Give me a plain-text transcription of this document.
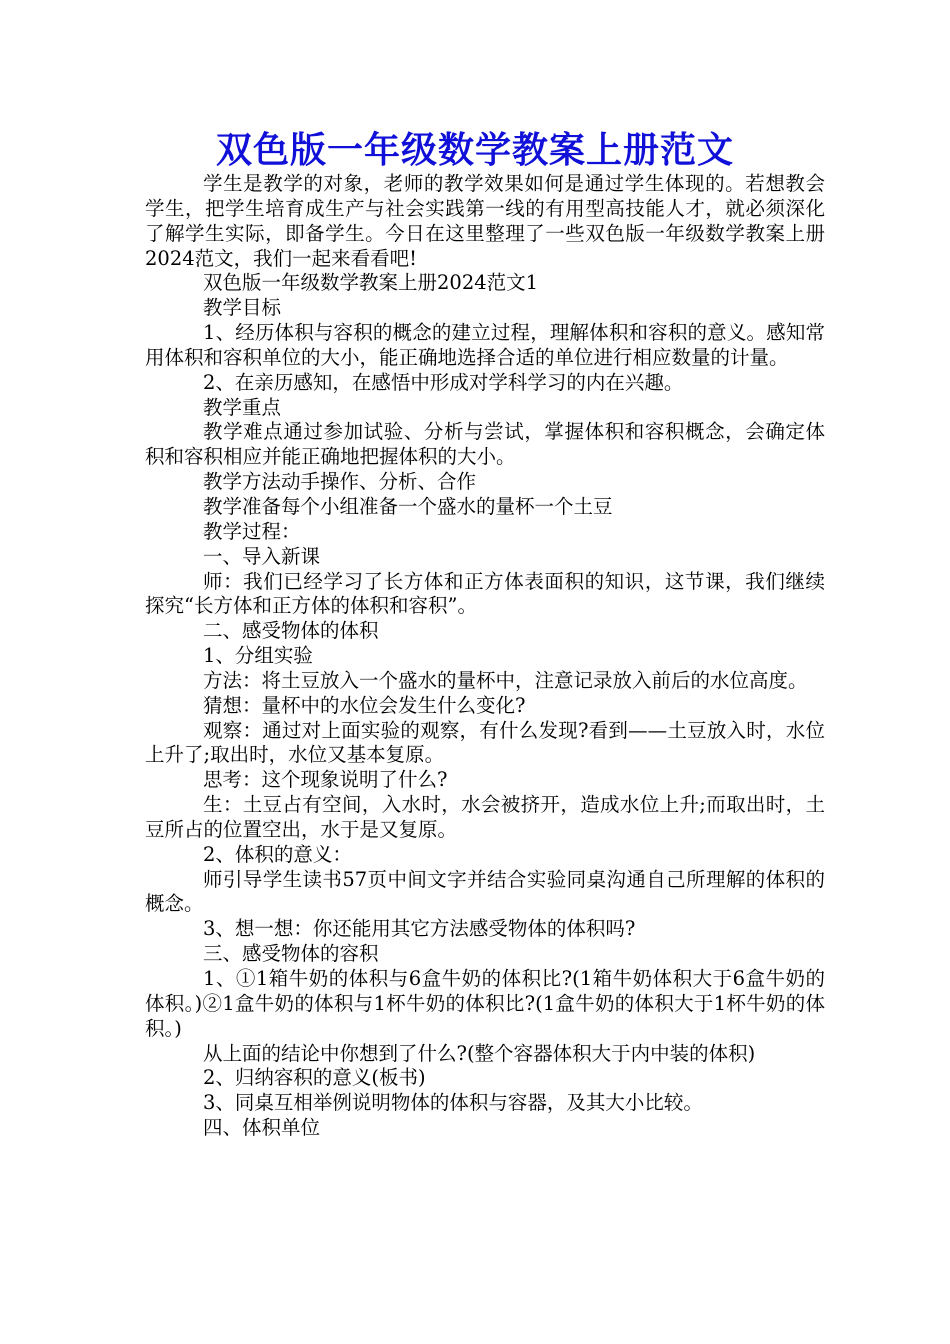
双色版一年级数学教案上册范文

学生是教学的对象，老师的教学效果如何是通过学生体现的。若想教会学生，把学生培育成生产与社会实践第一线的有用型高技能人才，就必须深化了解学生实际，即备学生。今日在这里整理了一些双色版一年级数学教案上册2024范文，我们一起来看看吧!

双色版一年级数学教案上册2024范文1

教学目标

1、经历体积与容积的概念的建立过程，理解体积和容积的意义。感知常用体积和容积单位的大小，能正确地选择合适的单位进行相应数量的计量。

2、在亲历感知，在感悟中形成对学科学习的内在兴趣。

教学重点

教学难点通过参加试验、分析与尝试，掌握体积和容积概念，会确定体积和容积相应并能正确地把握体积的大小。

教学方法动手操作、分析、合作

教学准备每个小组准备一个盛水的量杯一个土豆

教学过程：

一、导入新课

师：我们已经学习了长方体和正方体表面积的知识，这节课，我们继续探究“长方体和正方体的体积和容积”。

二、感受物体的体积

1、分组实验

方法：将土豆放入一个盛水的量杯中，注意记录放入前后的水位高度。

猜想：量杯中的水位会发生什么变化?

观察：通过对上面实验的观察，有什么发现?看到——土豆放入时，水位上升了;取出时，水位又基本复原。

思考：这个现象说明了什么?

生：土豆占有空间，入水时，水会被挤开，造成水位上升;而取出时，土豆所占的位置空出，水于是又复原。

2、体积的意义：

师引导学生读书57页中间文字并结合实验同桌沟通自己所理解的体积的概念。

3、想一想：你还能用其它方法感受物体的体积吗?

三、感受物体的容积

1、①1箱牛奶的体积与6盒牛奶的体积比?(1箱牛奶体积大于6盒牛奶的体积。)②1盒牛奶的体积与1杯牛奶的体积比?(1盒牛奶的体积大于1杯牛奶的体积。)

从上面的结论中你想到了什么?(整个容器体积大于内中装的体积)

2、归纳容积的意义(板书)

3、同桌互相举例说明物体的体积与容器，及其大小比较。

四、体积单位
